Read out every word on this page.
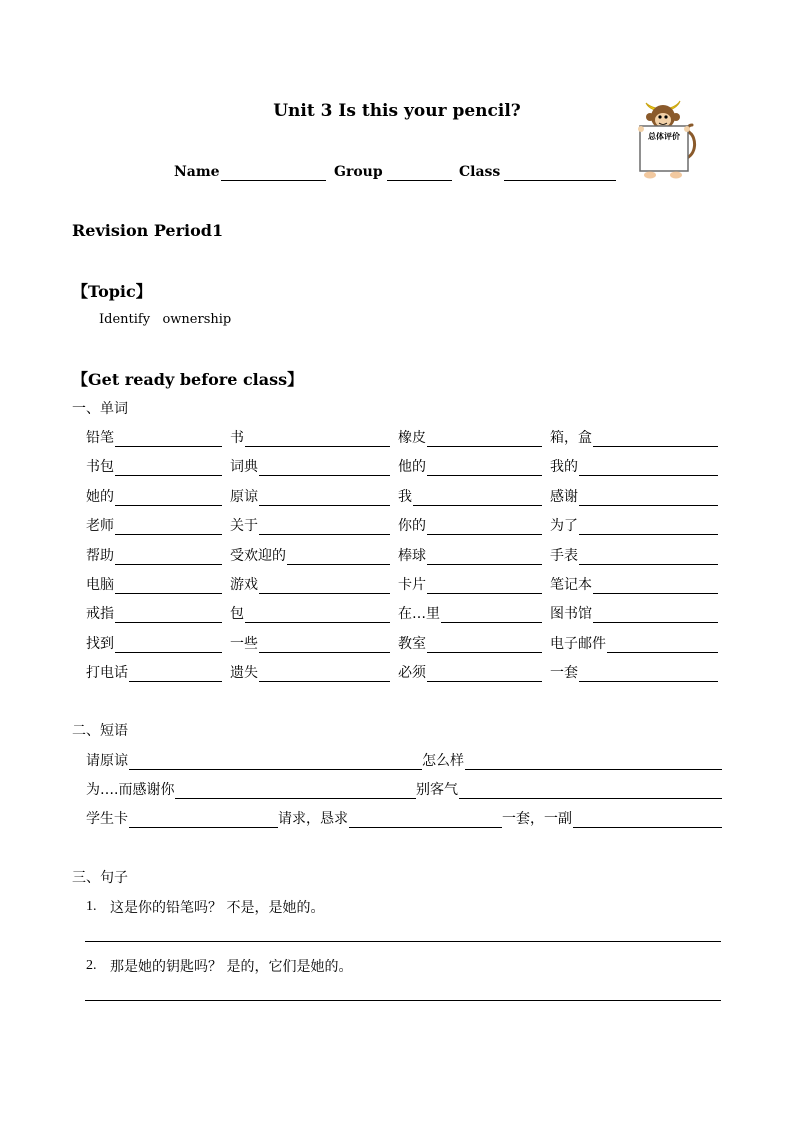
Unit 3 Is this your pencil?
Name	Group	Class
总体评价
Revision Period1
【Topic】
Identify   ownership
【Get ready before class】
一、单词
铅笔	书	橡皮	箱，盒
书包	词典	他的	我的
她的	原谅	我	感谢
老师	关于	你的	为了
帮助	受欢迎的	棒球	手表
电脑	游戏	卡片	笔记本
戒指	包	在…里	图书馆
找到	一些	教室	电子邮件
打电话	遗失	必须	一套
二、短语
请原谅	怎么样
为….而感谢你	别客气
学生卡	请求，恳求	一套，一副
三、句子
1. 这是你的铅笔吗？ 不是，是她的。
2. 那是她的钥匙吗？ 是的，它们是她的。
